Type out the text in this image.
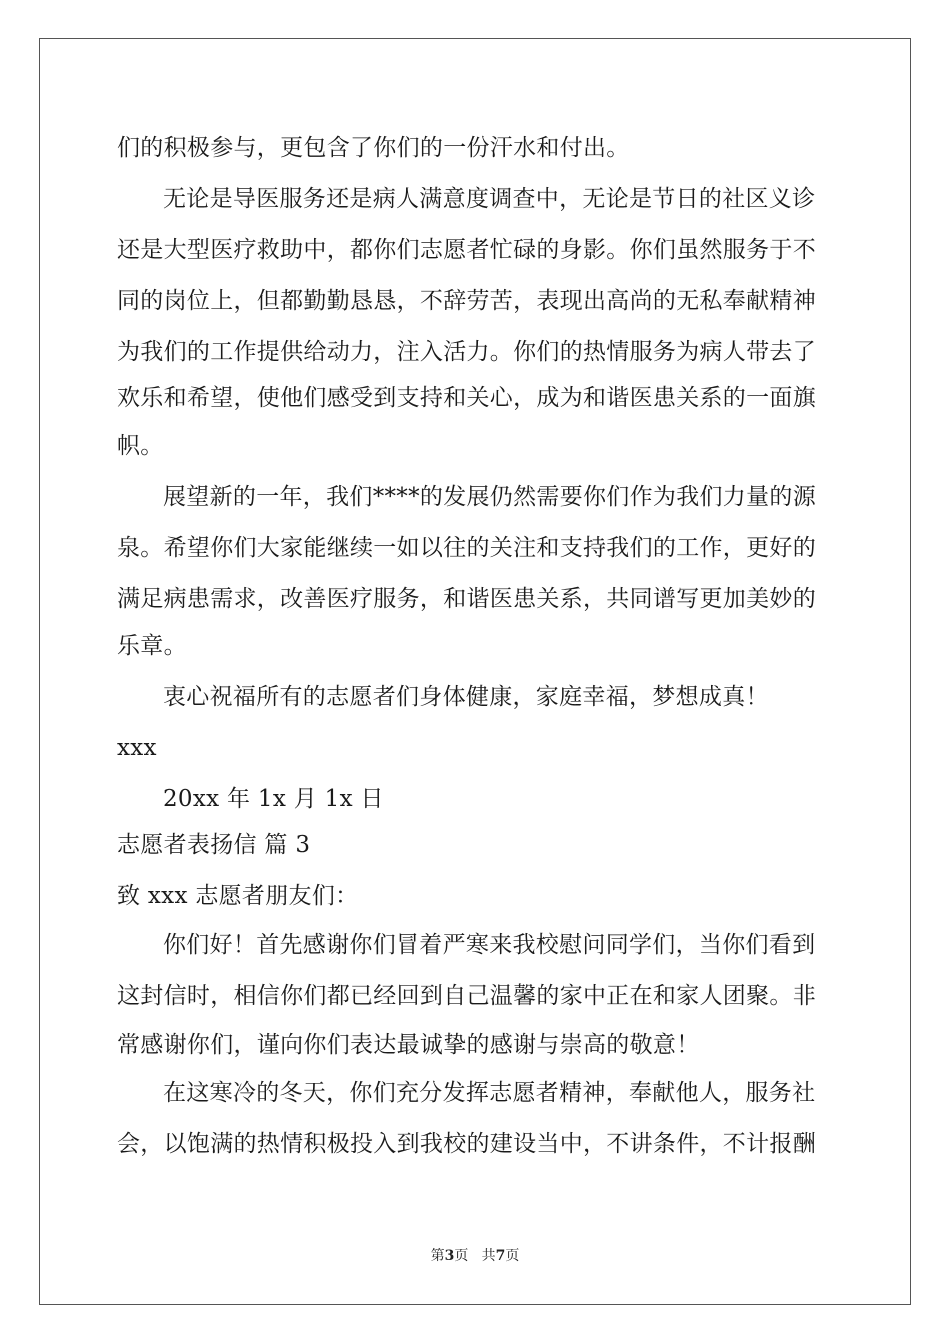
们的积极参与，更包含了你们的一份汗水和付出。
无论是导医服务还是病人满意度调查中，无论是节日的社区义诊
还是大型医疗救助中，都你们志愿者忙碌的身影。你们虽然服务于不
同的岗位上，但都勤勤恳恳，不辞劳苦，表现出高尚的无私奉献精神
为我们的工作提供给动力，注入活力。你们的热情服务为病人带去了
欢乐和希望，使他们感受到支持和关心，成为和谐医患关系的一面旗
帜。
展望新的一年，我们****的发展仍然需要你们作为我们力量的源
泉。希望你们大家能继续一如以往的关注和支持我们的工作，更好的
满足病患需求，改善医疗服务，和谐医患关系，共同谱写更加美妙的
乐章。
衷心祝福所有的志愿者们身体健康，家庭幸福，梦想成真！
xxx
20xx 年 1x 月 1x 日
志愿者表扬信 篇 3
致 xxx 志愿者朋友们：
你们好！首先感谢你们冒着严寒来我校慰问同学们，当你们看到
这封信时，相信你们都已经回到自己温馨的家中正在和家人团聚。非
常感谢你们，谨向你们表达最诚挚的感谢与崇高的敬意！
在这寒冷的冬天，你们充分发挥志愿者精神，奉献他人，服务社
会，以饱满的热情积极投入到我校的建设当中，不讲条件，不计报酬
第3页   共7页
